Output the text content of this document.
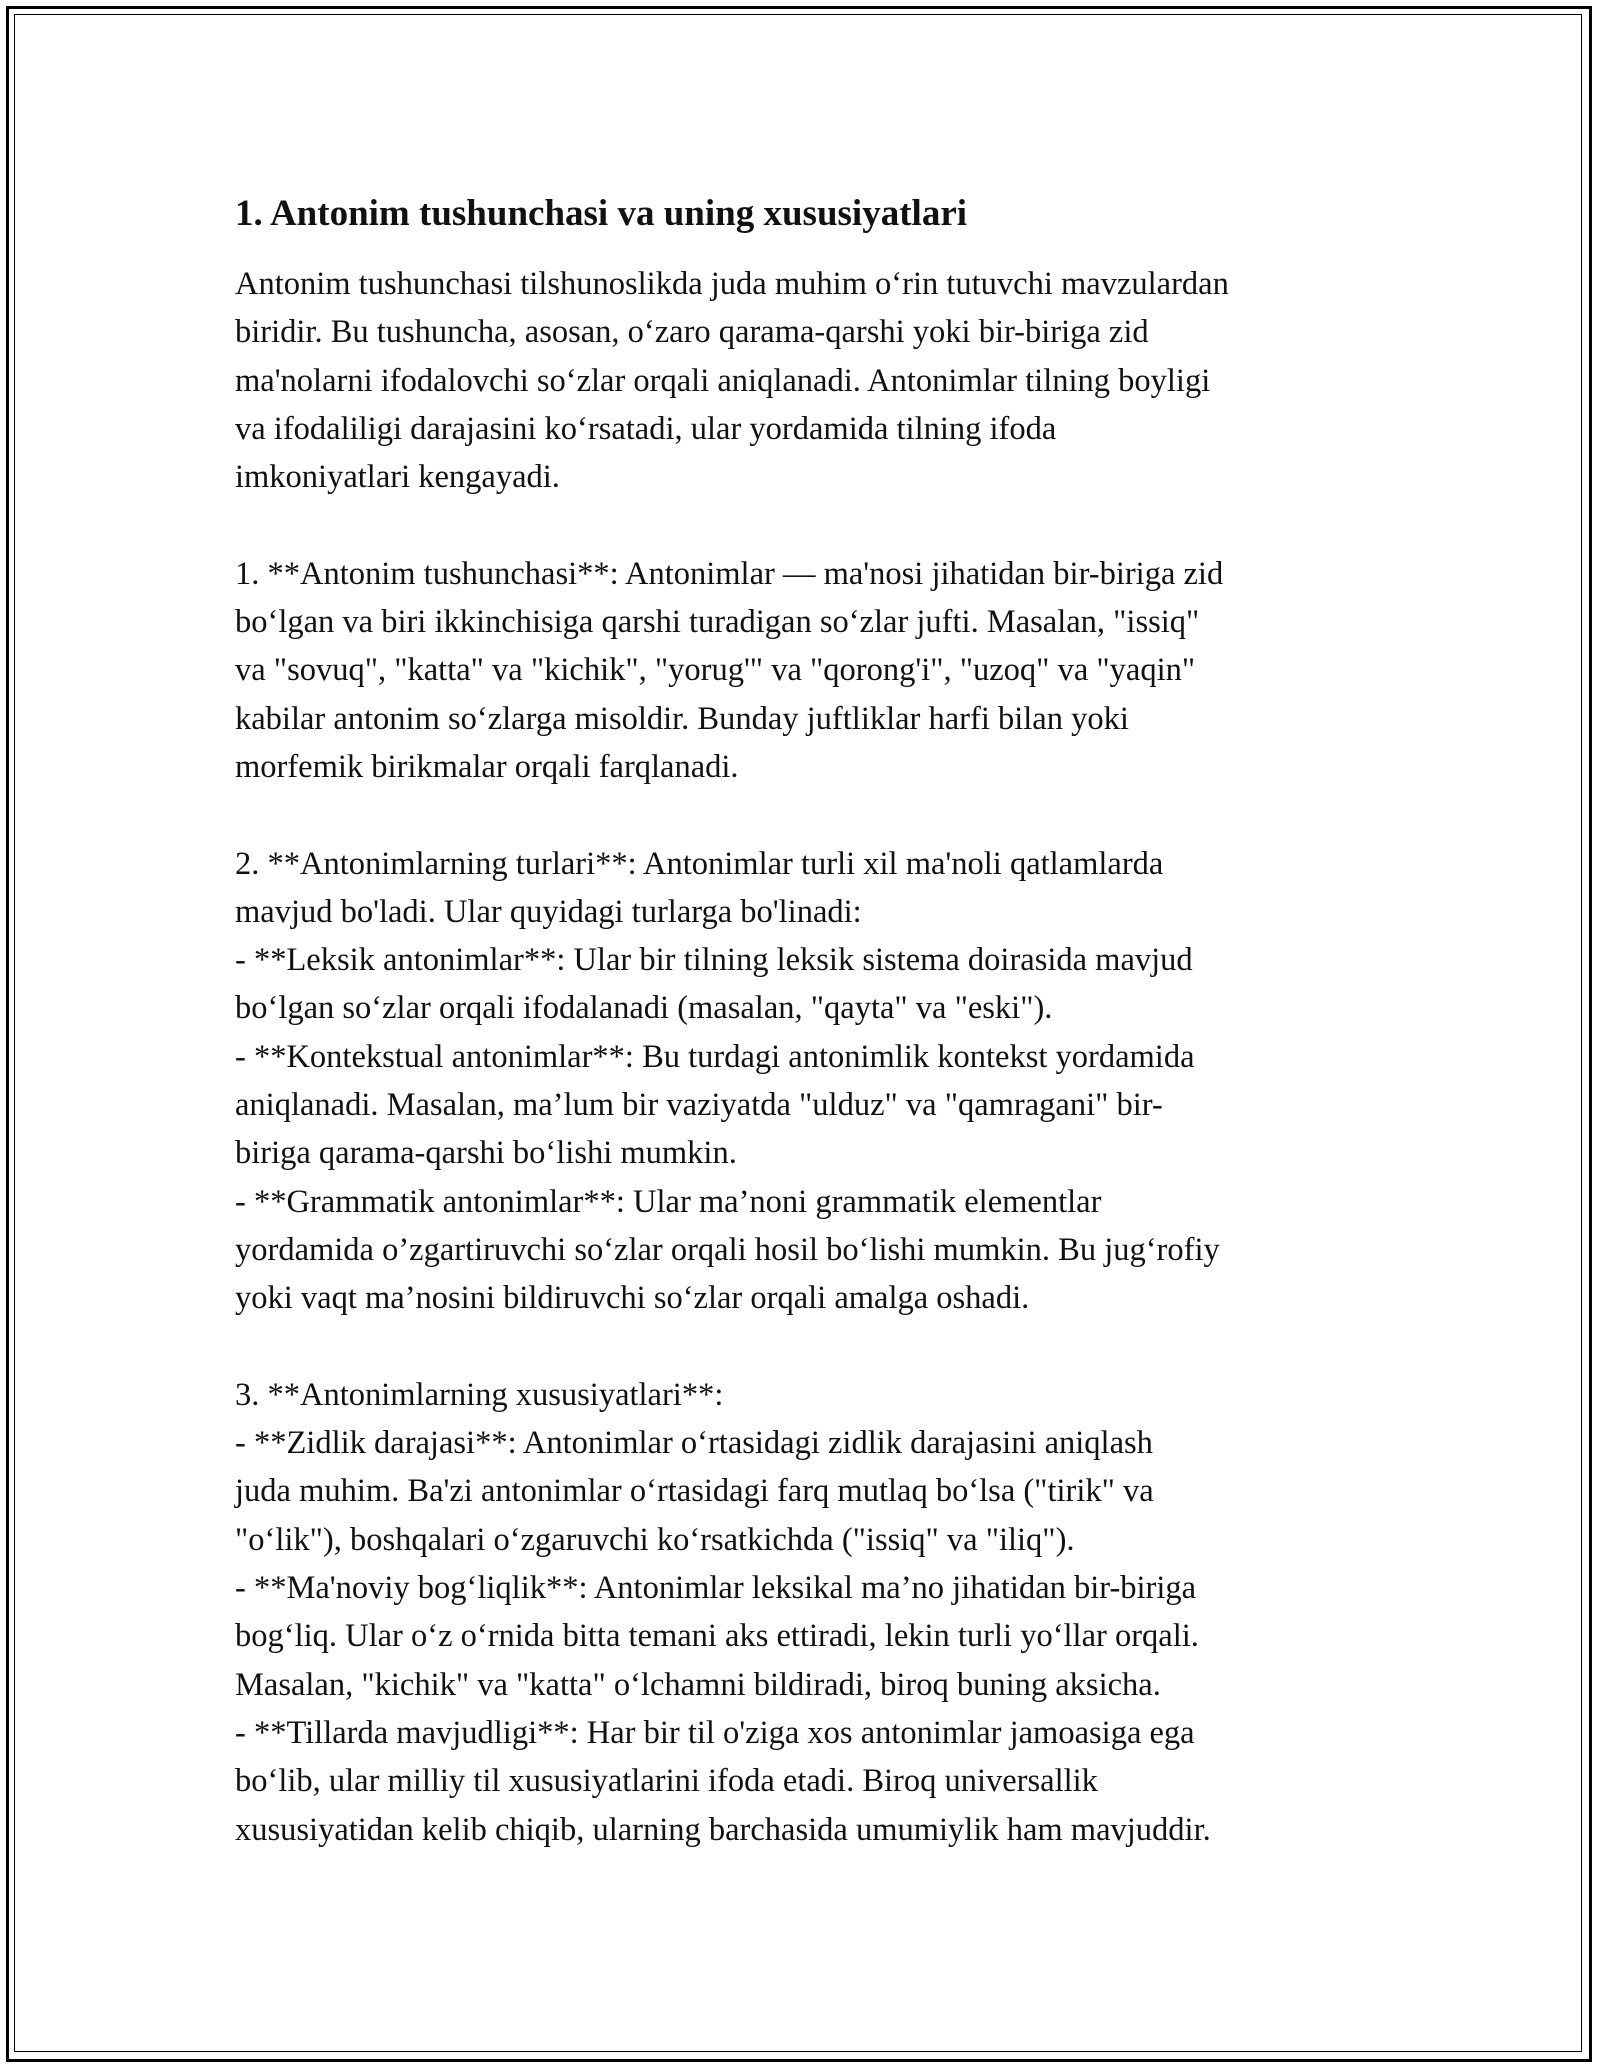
1. Antonim tushunchasi va uning xususiyatlari

Antonim tushunchasi tilshunoslikda juda muhim o‘rin tutuvchi mavzulardan
biridir. Bu tushuncha, asosan, o‘zaro qarama-qarshi yoki bir-biriga zid
ma'nolarni ifodalovchi so‘zlar orqali aniqlanadi. Antonimlar tilning boyligi
va ifodaliligi darajasini ko‘rsatadi, ular yordamida tilning ifoda
imkoniyatlari kengayadi.

1. **Antonim tushunchasi**: Antonimlar — ma'nosi jihatidan bir-biriga zid
bo‘lgan va biri ikkinchisiga qarshi turadigan so‘zlar jufti. Masalan, "issiq"
va "sovuq", "katta" va "kichik", "yorug'" va "qorong'i", "uzoq" va "yaqin"
kabilar antonim so‘zlarga misoldir. Bunday juftliklar harfi bilan yoki
morfemik birikmalar orqali farqlanadi.

2. **Antonimlarning turlari**: Antonimlar turli xil ma'noli qatlamlarda
mavjud bo'ladi. Ular quyidagi turlarga bo'linadi:
- **Leksik antonimlar**: Ular bir tilning leksik sistema doirasida mavjud
bo‘lgan so‘zlar orqali ifodalanadi (masalan, "qayta" va "eski").
- **Kontekstual antonimlar**: Bu turdagi antonimlik kontekst yordamida
aniqlanadi. Masalan, ma’lum bir vaziyatda "ulduz" va "qamragani" bir-
biriga qarama-qarshi bo‘lishi mumkin.
- **Grammatik antonimlar**: Ular ma’noni grammatik elementlar
yordamida o’zgartiruvchi so‘zlar orqali hosil bo‘lishi mumkin. Bu jug‘rofiy
yoki vaqt ma’nosini bildiruvchi so‘zlar orqali amalga oshadi.

3. **Antonimlarning xususiyatlari**:
- **Zidlik darajasi**: Antonimlar o‘rtasidagi zidlik darajasini aniqlash
juda muhim. Ba'zi antonimlar o‘rtasidagi farq mutlaq bo‘lsa ("tirik" va
"o‘lik"), boshqalari o‘zgaruvchi ko‘rsatkichda ("issiq" va "iliq").
- **Ma'noviy bog‘liqlik**: Antonimlar leksikal ma’no jihatidan bir-biriga
bog‘liq. Ular o‘z o‘rnida bitta temani aks ettiradi, lekin turli yo‘llar orqali.
Masalan, "kichik" va "katta" o‘lchamni bildiradi, biroq buning aksicha.
- **Tillarda mavjudligi**: Har bir til o'ziga xos antonimlar jamoasiga ega
bo‘lib, ular milliy til xususiyatlarini ifoda etadi. Biroq universallik
xususiyatidan kelib chiqib, ularning barchasida umumiylik ham mavjuddir.
